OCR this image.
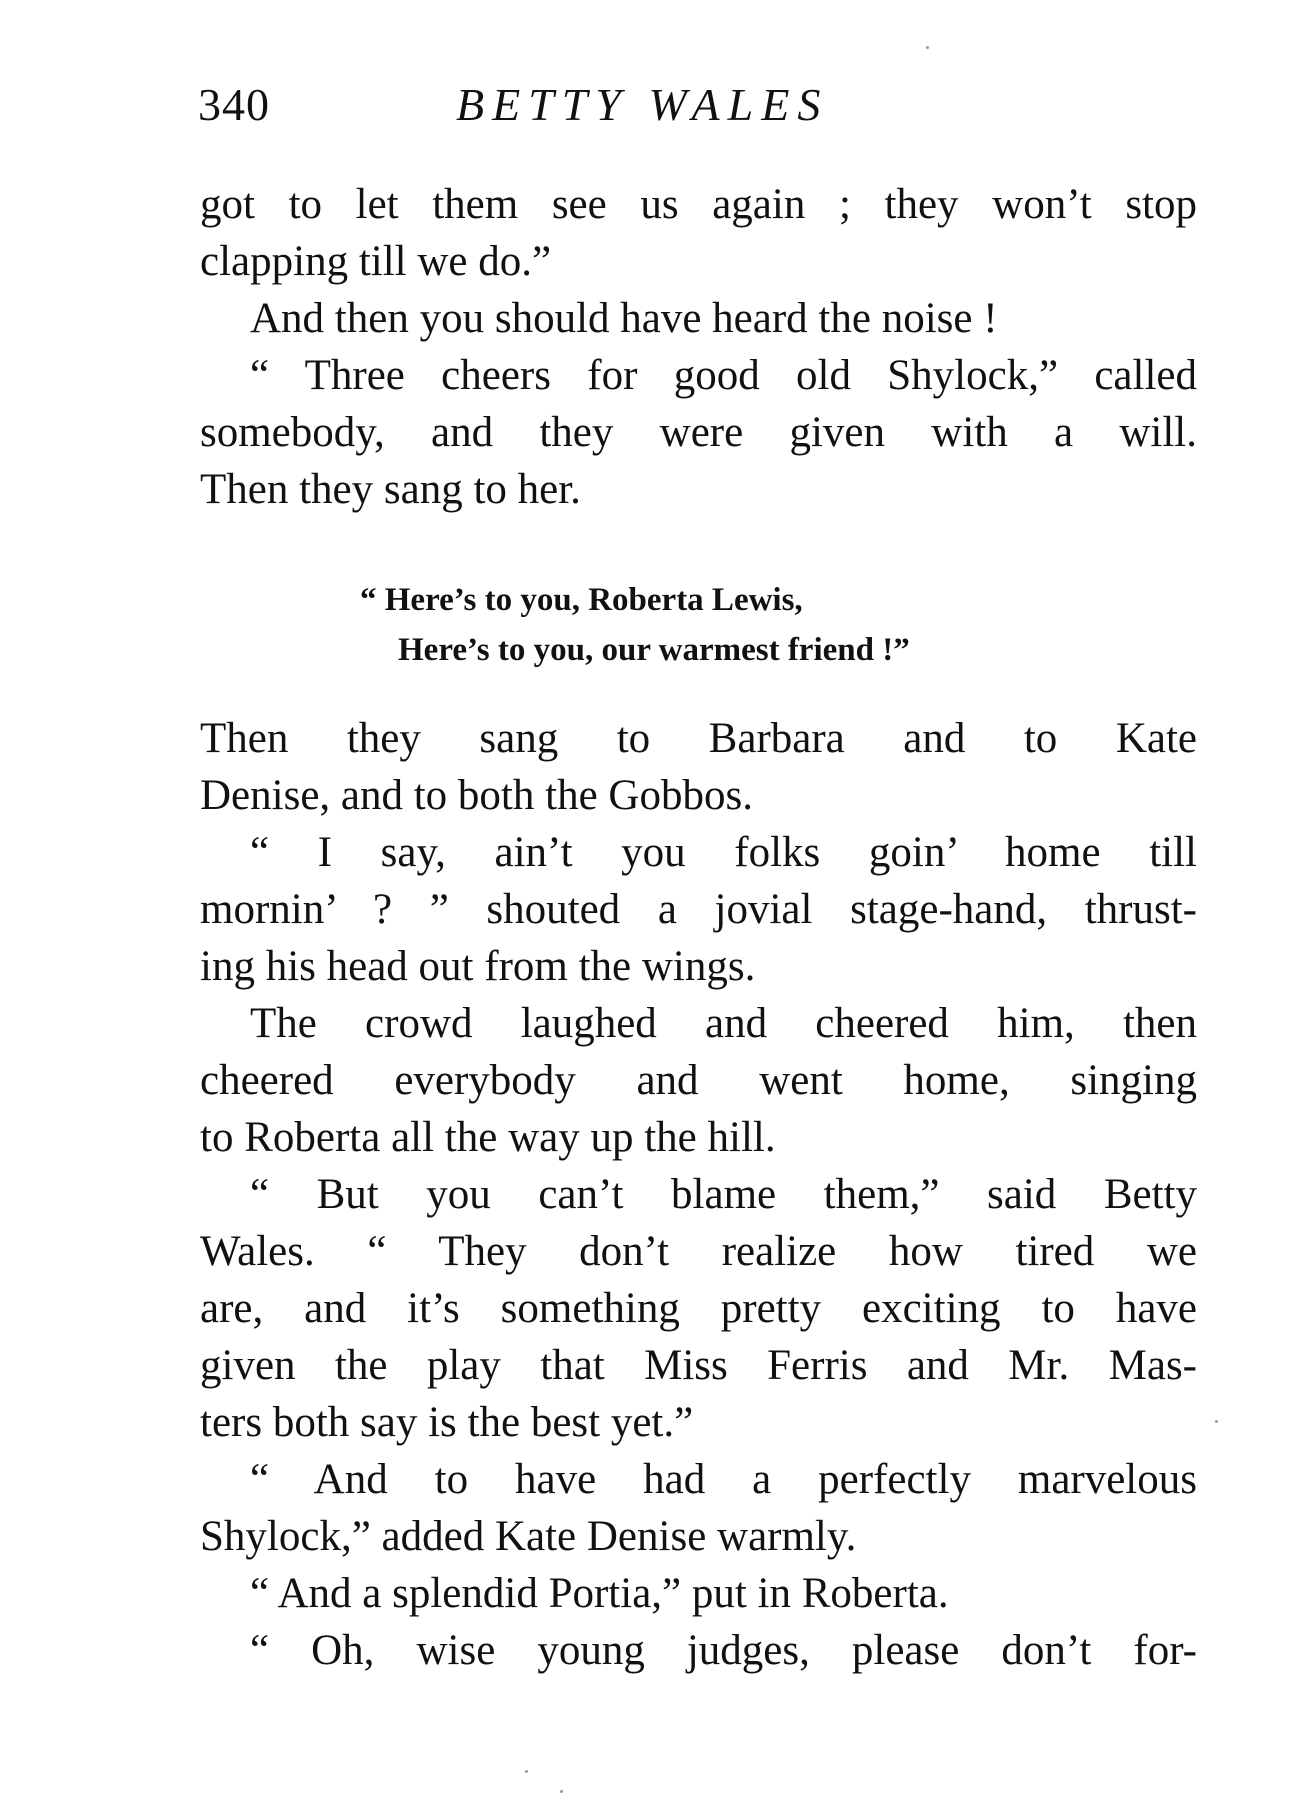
340	BETTY WALES
got to let them see us again ; they won’t stop
clapping till we do.”
And then you should have heard the noise !
“ Three cheers for good old Shylock,” called
somebody, and they were given with a will.
Then they sang to her.
“ Here’s to you, Roberta Lewis,
Here’s to you, our warmest friend !”
Then they sang to Barbara and to Kate
Denise, and to both the Gobbos.
“ I say, ain’t you folks goin’ home till
mornin’ ? ” shouted a jovial stage-hand, thrust-
ing his head out from the wings.
The crowd laughed and cheered him, then
cheered everybody and went home, singing
to Roberta all the way up the hill.
“ But you can’t blame them,” said Betty
Wales. “ They don’t realize how tired we
are, and it’s something pretty exciting to have
given the play that Miss Ferris and Mr. Mas-
ters both say is the best yet.”
“ And to have had a perfectly marvelous
Shylock,” added Kate Denise warmly.
“ And a splendid Portia,” put in Roberta.
“ Oh, wise young judges, please don’t for-
